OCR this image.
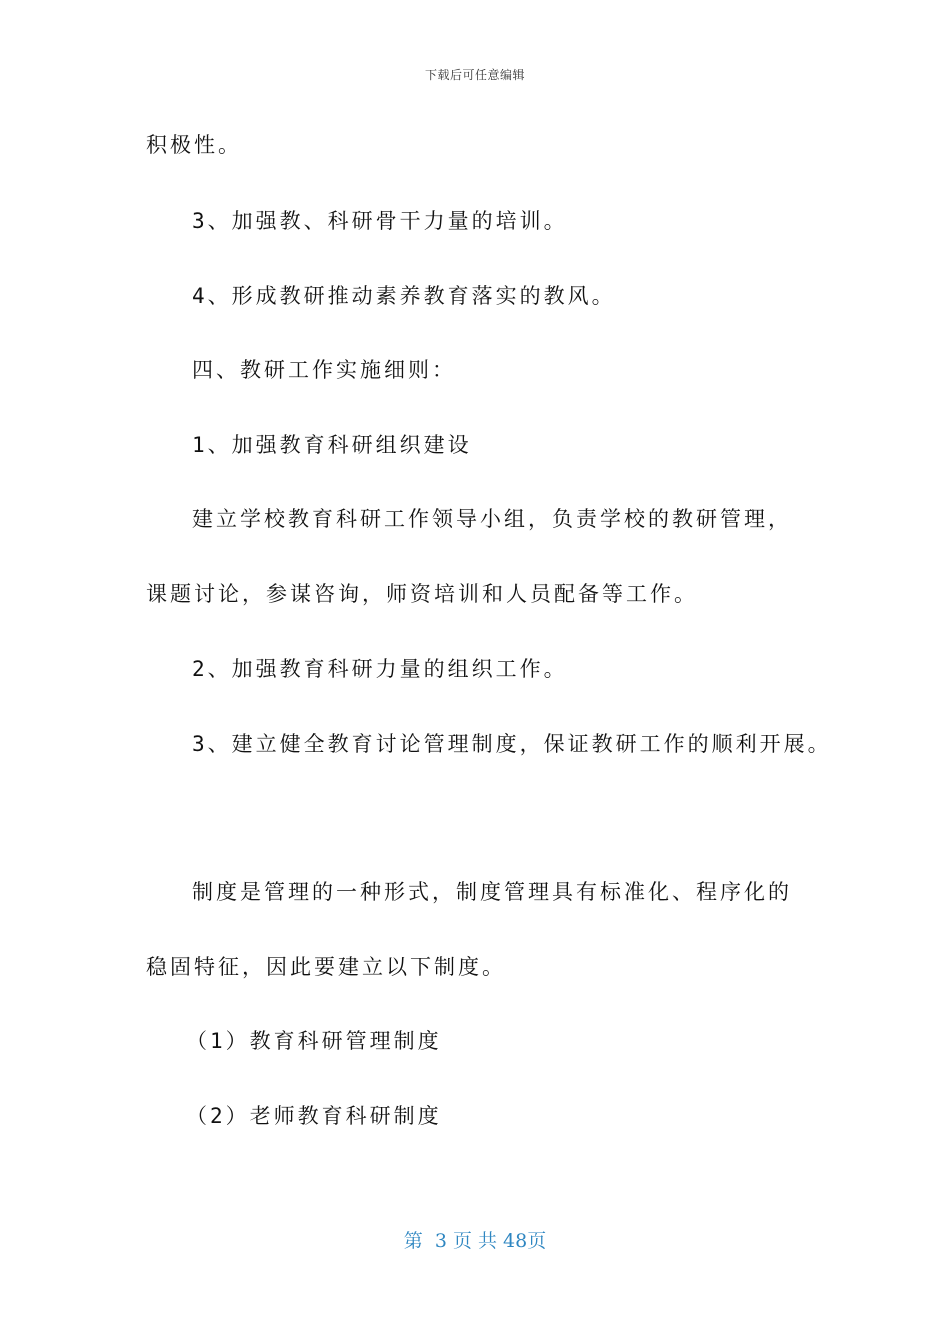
下载后可任意编辑
积极性。
3、加强教、科研骨干力量的培训。
4、形成教研推动素养教育落实的教风。
四、教研工作实施细则：
1、加强教育科研组织建设
建立学校教育科研工作领导小组，负责学校的教研管理，
课题讨论，参谋咨询，师资培训和人员配备等工作。
2、加强教育科研力量的组织工作。
3、建立健全教育讨论管理制度，保证教研工作的顺利开展。
制度是管理的一种形式，制度管理具有标准化、程序化的
稳固特征，因此要建立以下制度。
（1）教育科研管理制度
（2）老师教育科研制度
第  3 页 共 48页
